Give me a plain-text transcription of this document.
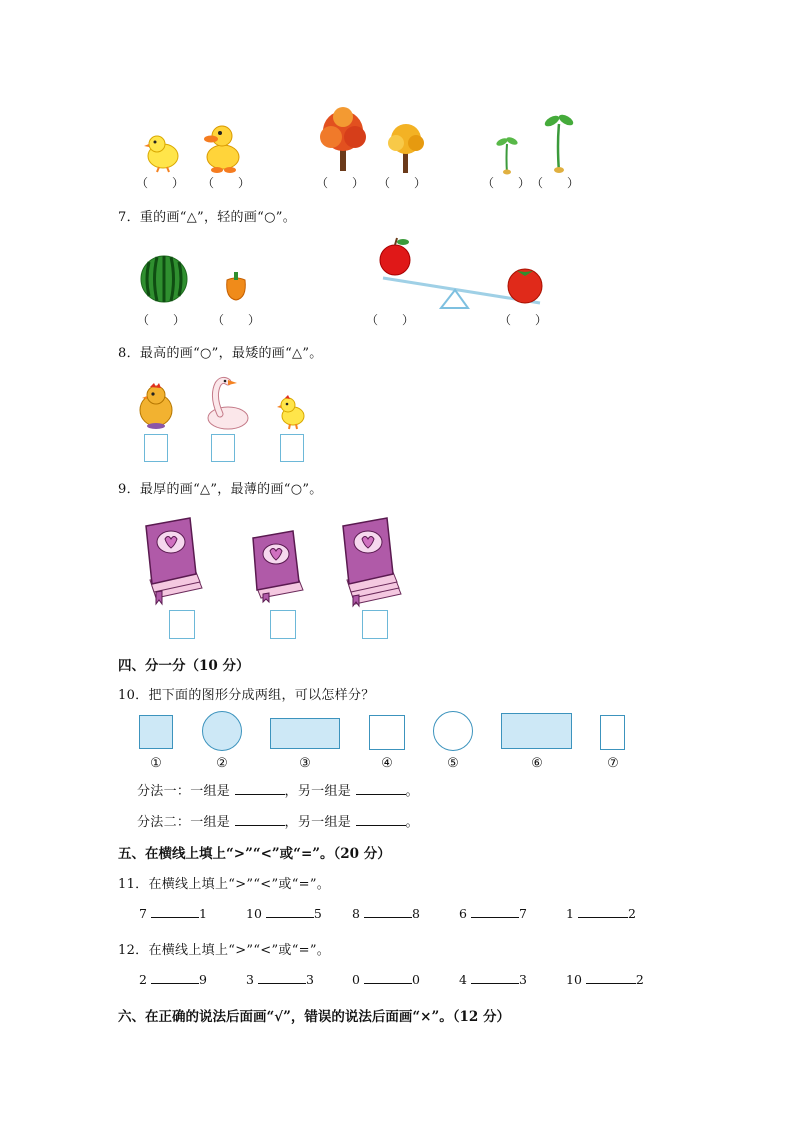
（　　） （　　）	（　　） （　　）	（　　） （　　）
7．重的画“△”，轻的画“○”。
（　　） （　　）	（　　）	（　　）
8．最高的画“○”，最矮的画“△”。
9．最厚的画“△”，最薄的画“○”。
四、分一分（10 分）
10．把下面的图形分成两组，可以怎样分？
①	②	③	④	⑤	⑥	⑦
分法一：一组是	，另一组是	。
分法二：一组是	，另一组是	。
五、在横线上填上“>”“<”或“=”。（20 分）
11．在横线上填上“>”“<”或“=”。
7	1	10	5 8	8	6	7	1	2
12．在横线上填上“>”“<”或“=”。
2	9	3	3	0	0	4	3	10	2
六、在正确的说法后面画“√”，错误的说法后面画“×”。（12 分）
